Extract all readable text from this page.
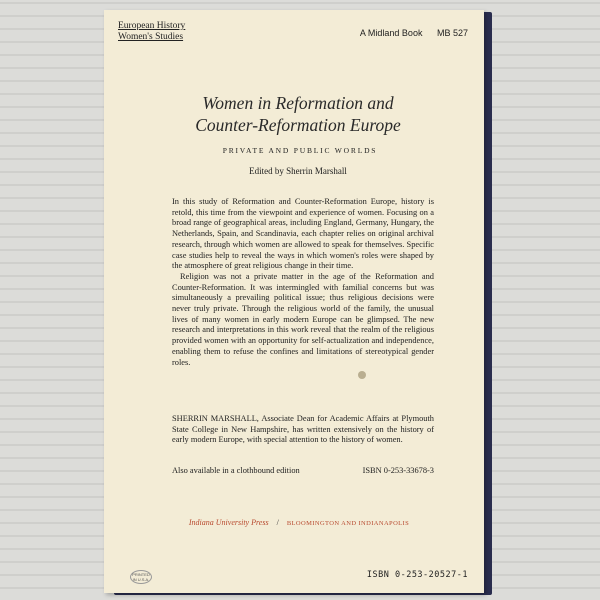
European History
Women's Studies	A Midland Book MB 527
Women in Reformation and
Counter-Reformation Europe
PRIVATE AND PUBLIC WORLDS
Edited by Sherrin Marshall

In this study of Reformation and Counter-Reformation Europe, history is retold, this time from the viewpoint and experience of women. Focusing on a broad range of geographical areas, including England, Germany, Hungary, the Netherlands, Spain, and Scandinavia, each chapter relies on original archival research, through which women are allowed to speak for themselves. Specific case studies help to reveal the ways in which women's roles were shaped by the atmosphere of great religious change in their time.

Religion was not a private matter in the age of the Reformation and Counter-Reformation. It was intermingled with familial concerns but was simultaneously a prevailing political issue; thus religious decisions were never truly private. Through the religious world of the family, the unusual lives of many women in early modern Europe can be glimpsed. The new research and interpretations in this work reveal that the realm of the religious provided women with an opportunity for self-actualization and independence, enabling them to refuse the confines and limitations of stereotypical gender roles.

SHERRIN MARSHALL, Associate Dean for Academic Affairs at Plymouth State College in New Hampshire, has written extensively on the history of early modern Europe, with special attention to the history of women.

Also available in a clothbound edition	ISBN 0-253-33678-3
Indiana University Press / BLOOMINGTON AND INDIANAPOLIS
PRINTED IN U.S.A.	ISBN 0-253-20527-1
